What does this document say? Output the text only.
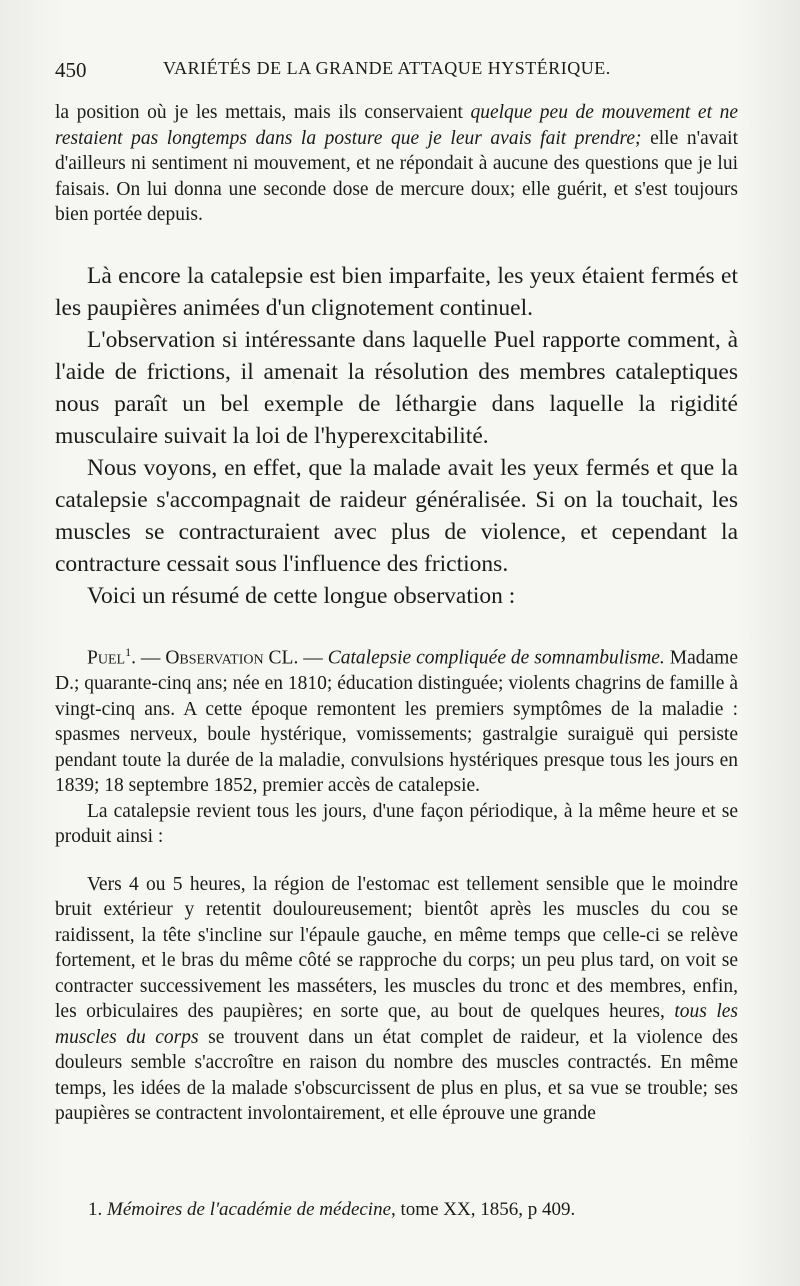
450	VARIÉTÉS DE LA GRANDE ATTAQUE HYSTÉRIQUE.

la position où je les mettais, mais ils conservaient quelque peu de mouvement et ne restaient pas longtemps dans la posture que je leur avais fait prendre; elle n'avait d'ailleurs ni sentiment ni mouvement, et ne répondait à aucune des questions que je lui faisais. On lui donna une seconde dose de mercure doux; elle guérit, et s'est toujours bien portée depuis.

Là encore la catalepsie est bien imparfaite, les yeux étaient fermés et les paupières animées d'un clignotement continuel.

L'observation si intéressante dans laquelle Puel rapporte comment, à l'aide de frictions, il amenait la résolution des membres cataleptiques nous paraît un bel exemple de léthargie dans laquelle la rigidité musculaire suivait la loi de l'hyperexcitabilité.

Nous voyons, en effet, que la malade avait les yeux fermés et que la catalepsie s'accompagnait de raideur généralisée. Si on la touchait, les muscles se contracturaient avec plus de violence, et cependant la contracture cessait sous l'influence des frictions.

Voici un résumé de cette longue observation :

Puel$^1$. — Observation CL. — Catalepsie compliquée de somnambulisme. Madame D.; quarante-cinq ans; née en 1810; éducation distinguée; violents chagrins de famille à vingt-cinq ans. A cette époque remontent les premiers symptômes de la maladie : spasmes nerveux, boule hystérique, vomissements; gastralgie suraiguë qui persiste pendant toute la durée de la maladie, convulsions hystériques presque tous les jours en 1839; 18 septembre 1852, premier accès de catalepsie.

La catalepsie revient tous les jours, d'une façon périodique, à la même heure et se produit ainsi :

Vers 4 ou 5 heures, la région de l'estomac est tellement sensible que le moindre bruit extérieur y retentit douloureusement; bientôt après les muscles du cou se raidissent, la tête s'incline sur l'épaule gauche, en même temps que celle-ci se relève fortement, et le bras du même côté se rapproche du corps; un peu plus tard, on voit se contracter successivement les masséters, les muscles du tronc et des membres, enfin, les orbiculaires des paupières; en sorte que, au bout de quelques heures, tous les muscles du corps se trouvent dans un état complet de raideur, et la violence des douleurs semble s'accroître en raison du nombre des muscles contractés. En même temps, les idées de la malade s'obscurcissent de plus en plus, et sa vue se trouble; ses paupières se contractent involontairement, et elle éprouve une grande

1. Mémoires de l'académie de médecine, tome XX, 1856, p 409.
